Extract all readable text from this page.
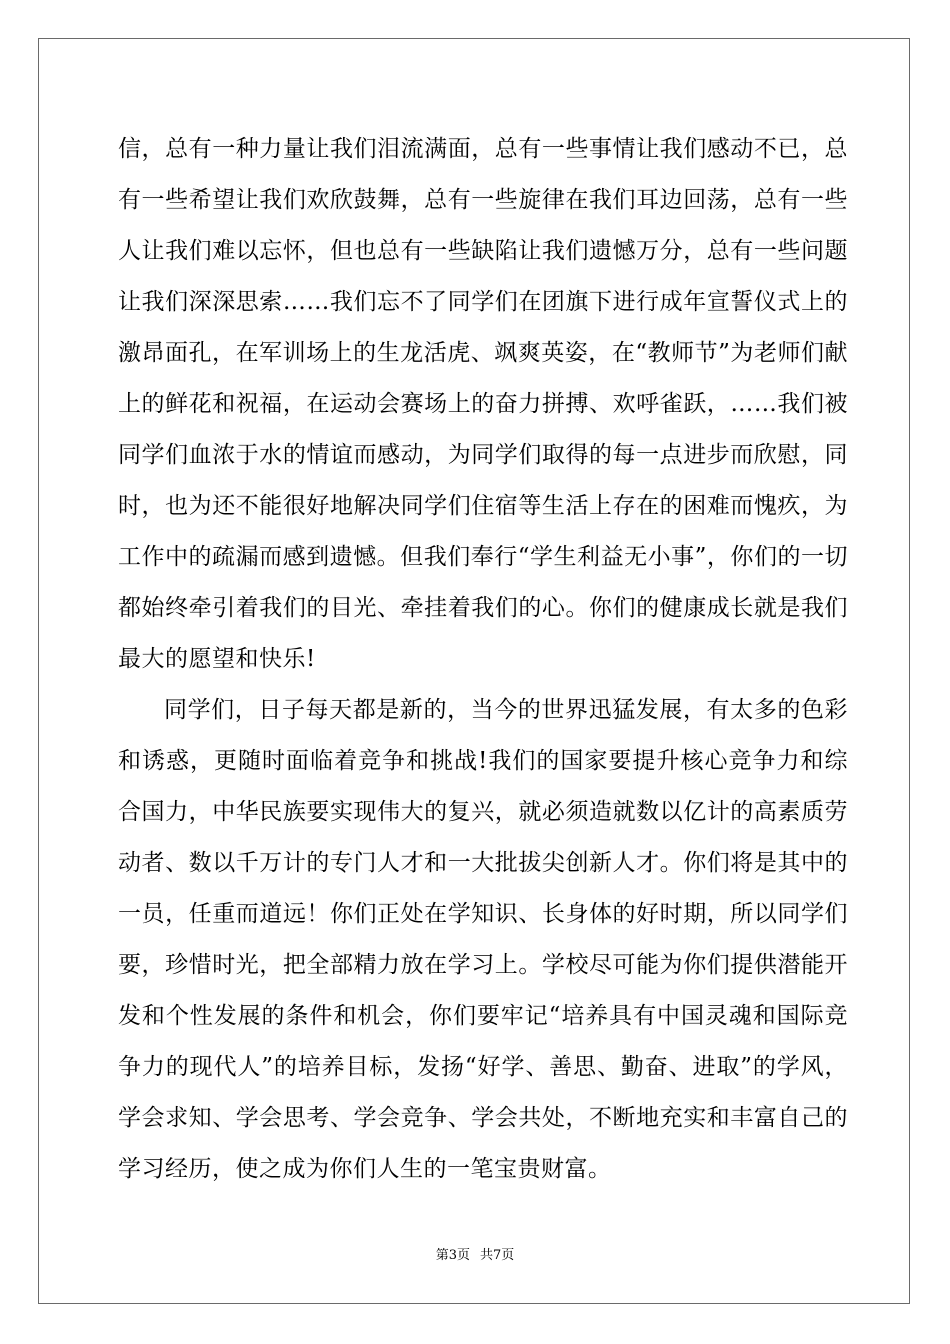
信，总有一种力量让我们泪流满面，总有一些事情让我们感动不已，总有一些希望让我们欢欣鼓舞，总有一些旋律在我们耳边回荡，总有一些人让我们难以忘怀，但也总有一些缺陷让我们遗憾万分，总有一些问题让我们深深思索……我们忘不了同学们在团旗下进行成年宣誓仪式上的激昂面孔，在军训场上的生龙活虎、飒爽英姿，在“教师节”为老师们献上的鲜花和祝福，在运动会赛场上的奋力拼搏、欢呼雀跃，……我们被同学们血浓于水的情谊而感动，为同学们取得的每一点进步而欣慰，同时，也为还不能很好地解决同学们住宿等生活上存在的困难而愧疚，为工作中的疏漏而感到遗憾。但我们奉行“学生利益无小事”，你们的一切都始终牵引着我们的目光、牵挂着我们的心。你们的健康成长就是我们最大的愿望和快乐!

同学们，日子每天都是新的，当今的世界迅猛发展，有太多的色彩和诱惑，更随时面临着竞争和挑战!我们的国家要提升核心竞争力和综合国力，中华民族要实现伟大的复兴，就必须造就数以亿计的高素质劳动者、数以千万计的专门人才和一大批拔尖创新人才。你们将是其中的一员，任重而道远！你们正处在学知识、长身体的好时期，所以同学们要，珍惜时光，把全部精力放在学习上。学校尽可能为你们提供潜能开发和个性发展的条件和机会，你们要牢记“培养具有中国灵魂和国际竞争力的现代人”的培养目标，发扬“好学、善思、勤奋、进取”的学风，学会求知、学会思考、学会竞争、学会共处，不断地充实和丰富自己的学习经历，使之成为你们人生的一笔宝贵财富。

第3页 共7页
